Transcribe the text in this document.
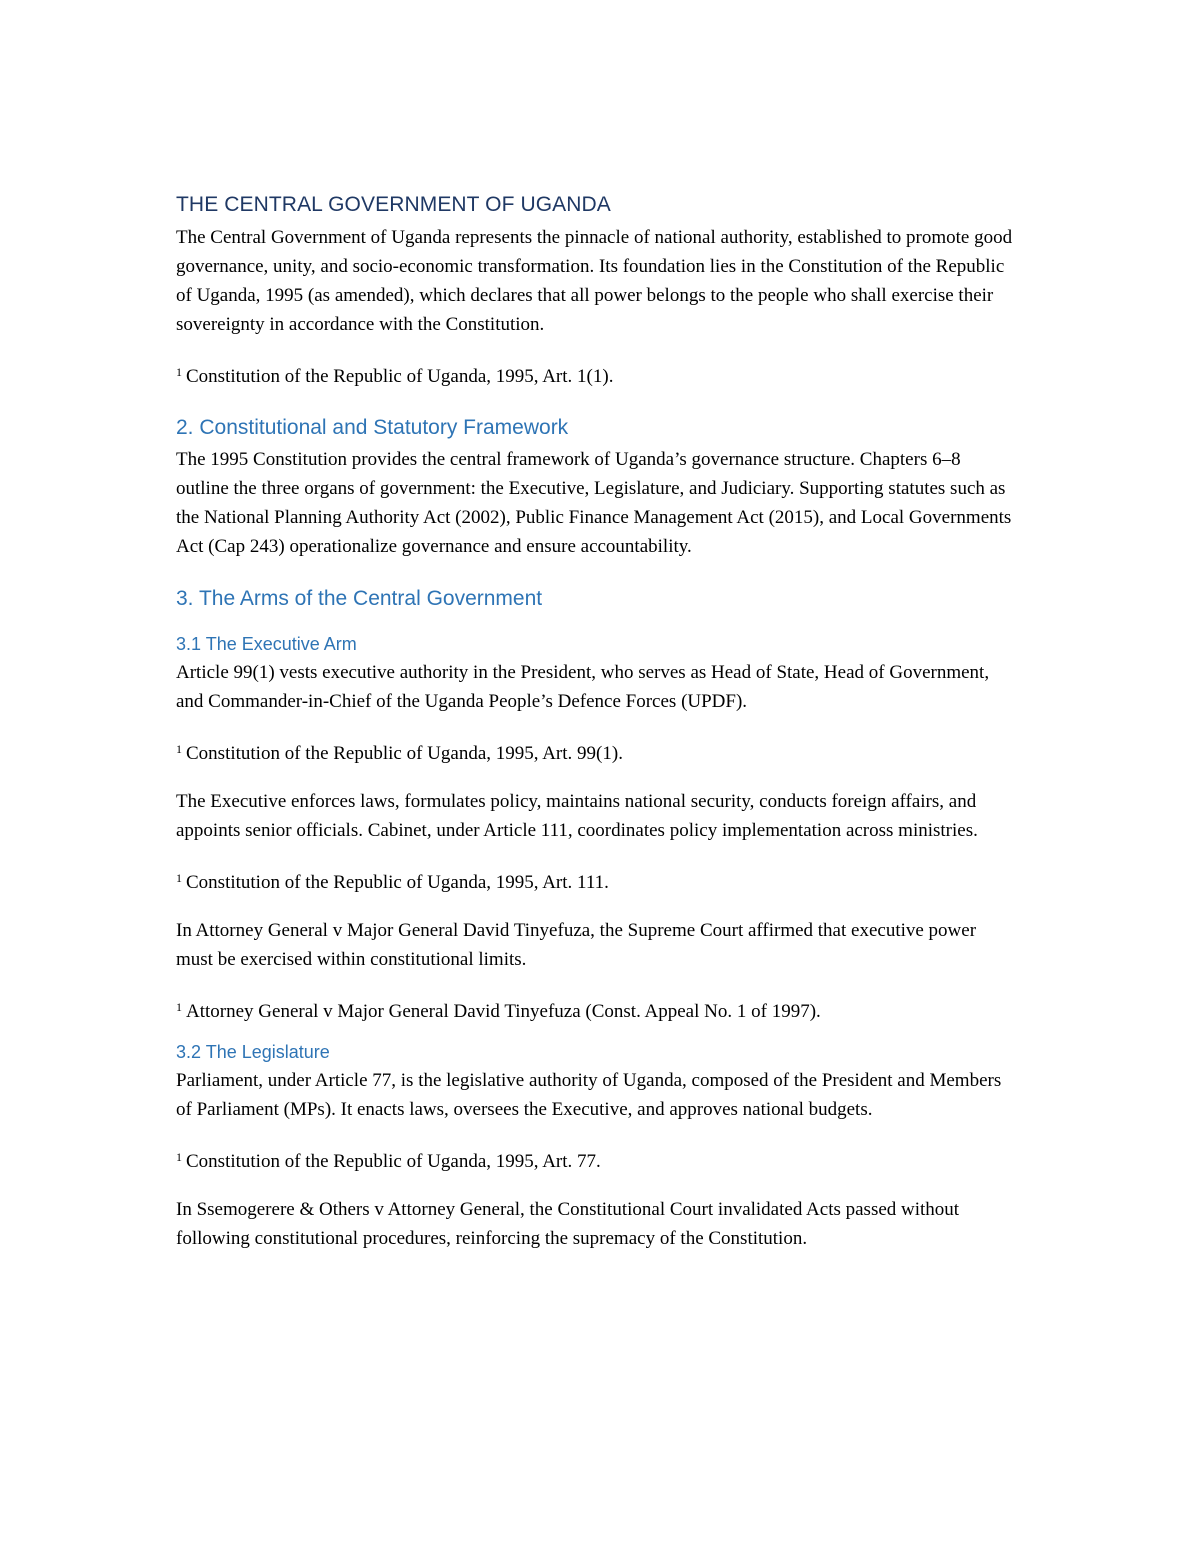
THE CENTRAL GOVERNMENT OF UGANDA

The Central Government of Uganda represents the pinnacle of national authority, established to promote good governance, unity, and socio-economic transformation. Its foundation lies in the Constitution of the Republic of Uganda, 1995 (as amended), which declares that all power belongs to the people who shall exercise their sovereignty in accordance with the Constitution.

$^1$ Constitution of the Republic of Uganda, 1995, Art. 1(1).

2. Constitutional and Statutory Framework

The 1995 Constitution provides the central framework of Uganda’s governance structure. Chapters 6–8 outline the three organs of government: the Executive, Legislature, and Judiciary. Supporting statutes such as the National Planning Authority Act (2002), Public Finance Management Act (2015), and Local Governments Act (Cap 243) operationalize governance and ensure accountability.

3. The Arms of the Central Government
3.1 The Executive Arm

Article 99(1) vests executive authority in the President, who serves as Head of State, Head of Government, and Commander-in-Chief of the Uganda People’s Defence Forces (UPDF).

$^1$ Constitution of the Republic of Uganda, 1995, Art. 99(1).

The Executive enforces laws, formulates policy, maintains national security, conducts foreign affairs, and appoints senior officials. Cabinet, under Article 111, coordinates policy implementation across ministries.

$^1$ Constitution of the Republic of Uganda, 1995, Art. 111.

In Attorney General v Major General David Tinyefuza, the Supreme Court affirmed that executive power must be exercised within constitutional limits.

$^1$ Attorney General v Major General David Tinyefuza (Const. Appeal No. 1 of 1997).

3.2 The Legislature

Parliament, under Article 77, is the legislative authority of Uganda, composed of the President and Members of Parliament (MPs). It enacts laws, oversees the Executive, and approves national budgets.

$^1$ Constitution of the Republic of Uganda, 1995, Art. 77.

In Ssemogerere & Others v Attorney General, the Constitutional Court invalidated Acts passed without following constitutional procedures, reinforcing the supremacy of the Constitution.
